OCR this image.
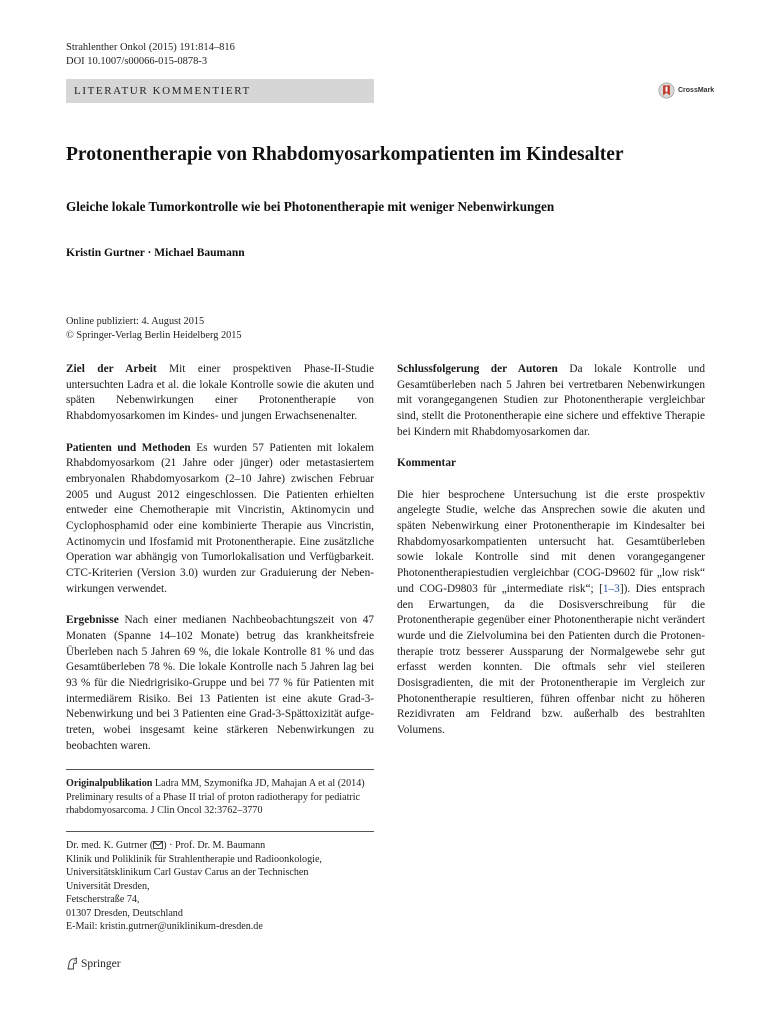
Strahlenther Onkol (2015) 191:814–816
DOI 10.1007/s00066-015-0878-3
LITERATUR KOMMENTIERT	CrossMark
Protonentherapie von Rhabdomyosarkompatienten im Kindesalter
Gleiche lokale Tumorkontrolle wie bei Photonentherapie mit weniger Nebenwirkungen
Kristin Gurtner · Michael Baumann
Online publiziert: 4. August 2015
© Springer-Verlag Berlin Heidelberg 2015

Ziel der Arbeit Mit einer prospektiven Phase-II-Studie untersuchten Ladra et al. die lokale Kontrolle sowie die akuten und späten Nebenwirkungen einer Protonentherapie von Rhabdomyosarkomen im Kindes- und jungen Erwachsenenalter.

Patienten und Methoden Es wurden 57 Patienten mit lokalem Rhabdomyosarkom (21 Jahre oder jünger) oder metastasiertem embryonalen Rhabdomyosarkom (2–10 Jahre) zwischen Februar 2005 und August 2012 eingeschlossen. Die Patienten erhielten entweder eine Chemotherapie mit Vincristin, Aktinomycin und Cyclophosphamid oder eine kombinierte Therapie aus Vincristin, Actinomycin und Ifosfamid mit Protonentherapie. Eine zusätzliche Operation war abhängig von Tumorlokalisation und Verfügbarkeit. CTC-Kriterien (Version 3.0) wurden zur Graduierung der Nebenwirkungen verwendet.

Ergebnisse Nach einer medianen Nachbeobachtungszeit von 47 Monaten (Spanne 14–102 Monate) betrug das krankheitsfreie Überleben nach 5 Jahren 69 %, die lokale Kontrolle 81 % und das Gesamtüberleben 78 %. Die lokale Kontrolle nach 5 Jahren lag bei 93 % für die Niedrigrisiko-Gruppe und bei 77 % für Patienten mit intermediärem Risiko. Bei 13 Patienten ist eine akute Grad-3-Nebenwirkung und bei 3 Patienten eine Grad-3-Spättoxizität aufgetreten, wobei insgesamt keine stärkeren Nebenwirkungen zu beobachten waren.

Schlussfolgerung der Autoren Da lokale Kontrolle und Gesamtüberleben nach 5 Jahren bei vertretbaren Nebenwirkungen mit vorangegangenen Studien zur Photonentherapie vergleichbar sind, stellt die Protonentherapie eine sichere und effektive Therapie bei Kindern mit Rhabdomyosarkomen dar.

Kommentar

Die hier besprochene Untersuchung ist die erste prospektiv angelegte Studie, welche das Ansprechen sowie die akuten und späten Nebenwirkung einer Protonentherapie im Kindesalter bei Rhabdomyosarkompatienten untersucht hat. Gesamtüberleben sowie lokale Kontrolle sind mit denen vorangegangener Photonentherapiestudien vergleichbar (COG-D9602 für „low risk“ und COG-D9803 für „intermediate risk“; [1–3]). Dies entsprach den Erwartungen, da die Dosisverschreibung für die Protonentherapie gegenüber einer Photonentherapie nicht verändert wurde und die Zielvolumina bei den Patienten durch die Protonentherapie trotz besserer Aussparung der Normalgewebe sehr gut erfasst werden konnten. Die oftmals sehr viel steileren Dosisgradienten, die mit der Protonentherapie im Vergleich zur Photonentherapie resultieren, führen offenbar nicht zu höheren Rezidivraten am Feldrand bzw. außerhalb des bestrahlten Volumens.

Originalpublikation Ladra MM, Szymonifka JD, Mahajan A et al (2014) Preliminary results of a Phase II trial of proton radiotherapy for pediatric rhabdomyosarcoma. J Clin Oncol 32:3762–3770
Dr. med. K. Gutrner ( ) · Prof. Dr. M. Baumann
Klinik und Poliklinik für Strahlentherapie und Radioonkologie,
Universitätsklinikum Carl Gustav Carus an der Technischen
Universität Dresden,
Fetscherstraße 74,
01307 Dresden, Deutschland
E-Mail: kristin.gutrner@uniklinikum-dresden.de
Springer
